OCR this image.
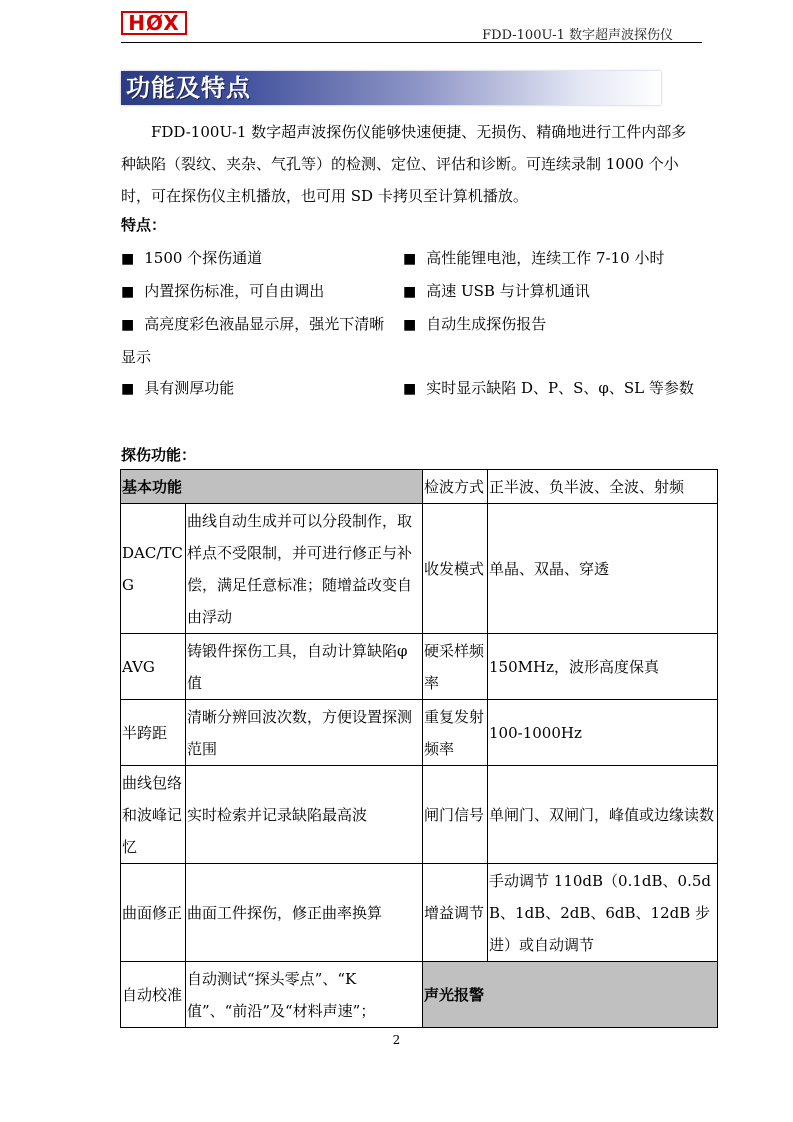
HØX
FDD-100U-1 数字超声波探伤仪
功能及特点
FDD-100U-1 数字超声波探伤仪能够快速便捷、无损伤、精确地进行工件内部多种缺陷（裂纹、夹杂、气孔等）的检测、定位、评估和诊断。可连续录制 1000 个小时，可在探伤仪主机播放，也可用 SD 卡拷贝至计算机播放。
特点：
■ 1500 个探伤通道	■ 高性能锂电池，连续工作 7-10 小时
■ 内置探伤标准，可自由调出	■ 高速 USB 与计算机通讯
■ 高亮度彩色液晶显示屏，强光下清晰显示
■ 自动生成探伤报告
■ 具有测厚功能	■ 实时显示缺陷 D、P、S、φ、SL 等参数
探伤功能：
基本功能		检波方式	正半波、负半波、全波、射频
DAC/TCG	曲线自动生成并可以分段制作，取样点不受限制，并可进行修正与补偿，满足任意标准；随增益改变自由浮动	收发模式	单晶、双晶、穿透
AVG	铸锻件探伤工具，自动计算缺陷φ值	硬采样频率	150MHz，波形高度保真
半跨距	清晰分辨回波次数，方便设置探测范围	重复发射频率	100-1000Hz
曲线包络和波峰记忆	实时检索并记录缺陷最高波	闸门信号	单闸门、双闸门，峰值或边缘读数
曲面修正	曲面工件探伤，修正曲率换算	增益调节	手动调节 110dB（0.1dB、0.5dB、1dB、2dB、6dB、12dB 步进）或自动调节
自动校准	自动测试“探头零点”、“K 值”、“前沿”及“材料声速”；	声光报警	
2
